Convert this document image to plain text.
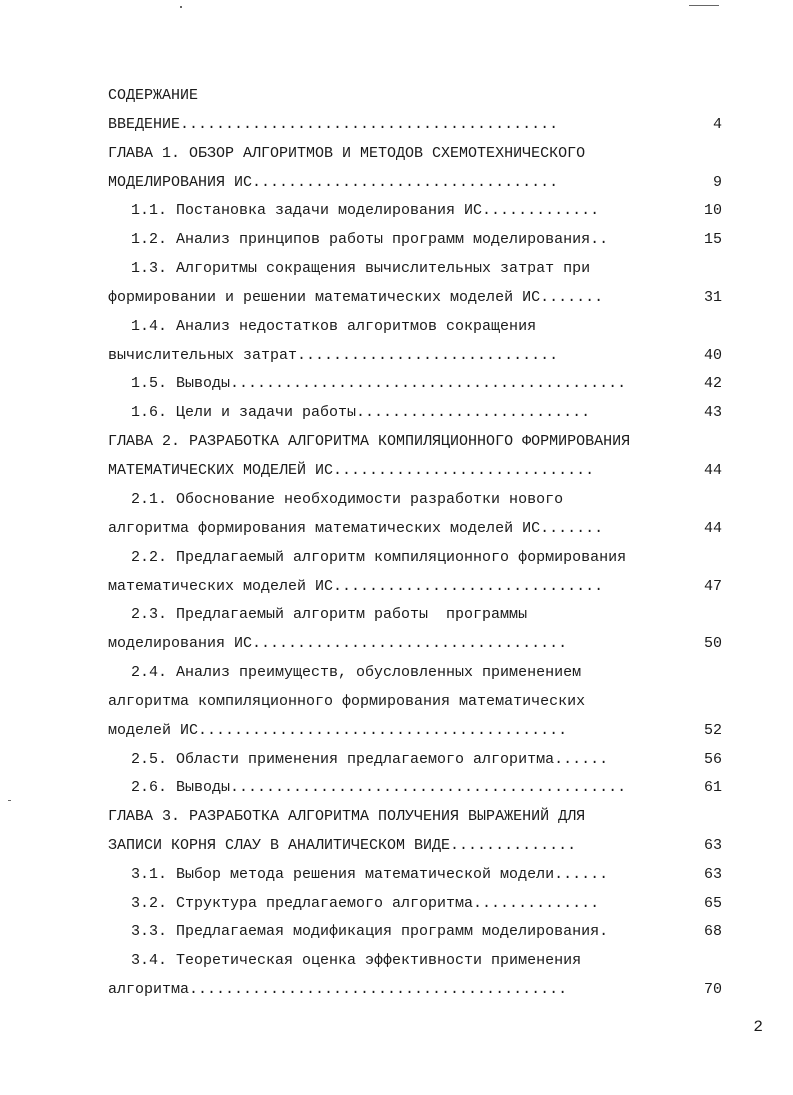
СОДЕРЖАНИЕ
ВВЕДЕНИЕ..........................................	4
ГЛАВА 1. ОБЗОР АЛГОРИТМОВ И МЕТОДОВ СХЕМОТЕХНИЧЕСКОГО
МОДЕЛИРОВАНИЯ ИС..................................	9
1.1. Постановка задачи моделирования ИС.............	10
1.2. Анализ принципов работы программ моделирования..	15
1.3. Алгоритмы сокращения вычислительных затрат при
формировании и решении математических моделей ИС.......	31
1.4. Анализ недостатков алгоритмов сокращения
вычислительных затрат.............................	40
1.5. Выводы............................................	42
1.6. Цели и задачи работы..........................	43
ГЛАВА 2. РАЗРАБОТКА АЛГОРИТМА КОМПИЛЯЦИОННОГО ФОРМИРОВАНИЯ
МАТЕМАТИЧЕСКИХ МОДЕЛЕЙ ИС.............................	44
2.1. Обоснование необходимости разработки нового
алгоритма формирования математических моделей ИС.......	44
2.2. Предлагаемый алгоритм компиляционного формирования
математических моделей ИС..............................	47
2.3. Предлагаемый алгоритм работы  программы
моделирования ИС...................................	50
2.4. Анализ преимуществ, обусловленных применением
алгоритма компиляционного формирования математических
моделей ИС.........................................	52
2.5. Области применения предлагаемого алгоритма......	56
2.6. Выводы............................................	61
ГЛАВА 3. РАЗРАБОТКА АЛГОРИТМА ПОЛУЧЕНИЯ ВЫРАЖЕНИЙ ДЛЯ
ЗАПИСИ КОРНЯ СЛАУ В АНАЛИТИЧЕСКОМ ВИДЕ..............	63
3.1. Выбор метода решения математической модели......	63
3.2. Структура предлагаемого алгоритма..............	65
3.3. Предлагаемая модификация программ моделирования.	68
3.4. Теоретическая оценка эффективности применения
алгоритма..........................................	70
2
